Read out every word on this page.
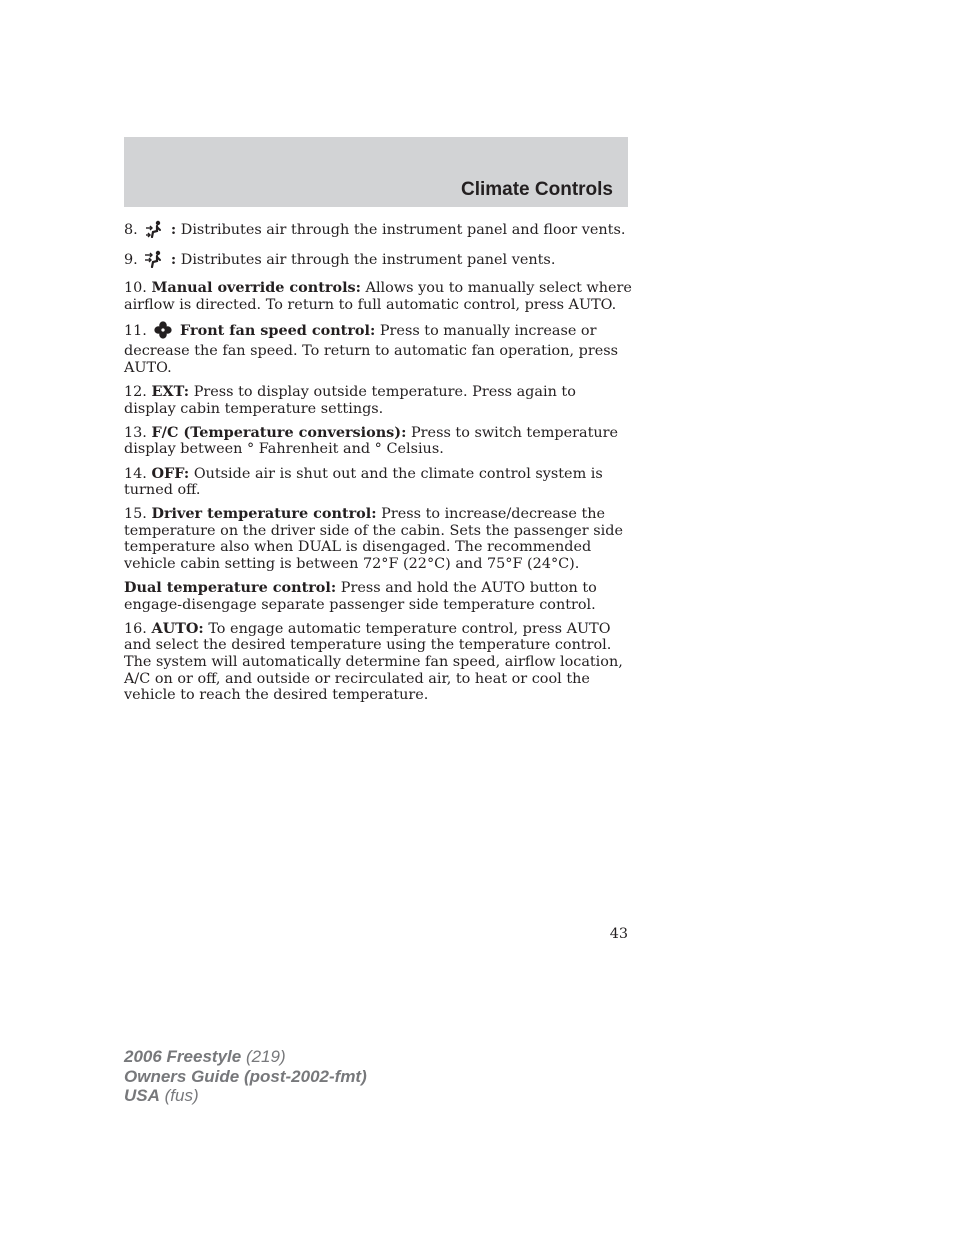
Climate Controls

8. : Distributes air through the instrument panel and floor vents.

9. : Distributes air through the instrument panel vents.

10. Manual override controls: Allows you to manually select where airflow is directed. To return to full automatic control, press AUTO.

11. Front fan speed control: Press to manually increase or decrease the fan speed. To return to automatic fan operation, press AUTO.

12. EXT: Press to display outside temperature. Press again to display cabin temperature settings.

13. F/C (Temperature conversions): Press to switch temperature display between ° Fahrenheit and ° Celsius.

14. OFF: Outside air is shut out and the climate control system is turned off.

15. Driver temperature control: Press to increase/decrease the temperature on the driver side of the cabin. Sets the passenger side temperature also when DUAL is disengaged. The recommended vehicle cabin setting is between 72°F (22°C) and 75°F (24°C).

Dual temperature control: Press and hold the AUTO button to engage-disengage separate passenger side temperature control.

16. AUTO: To engage automatic temperature control, press AUTO and select the desired temperature using the temperature control. The system will automatically determine fan speed, airflow location, A/C on or off, and outside or recirculated air, to heat or cool the vehicle to reach the desired temperature.

43
2006 Freestyle (219)
Owners Guide (post-2002-fmt)
USA (fus)
